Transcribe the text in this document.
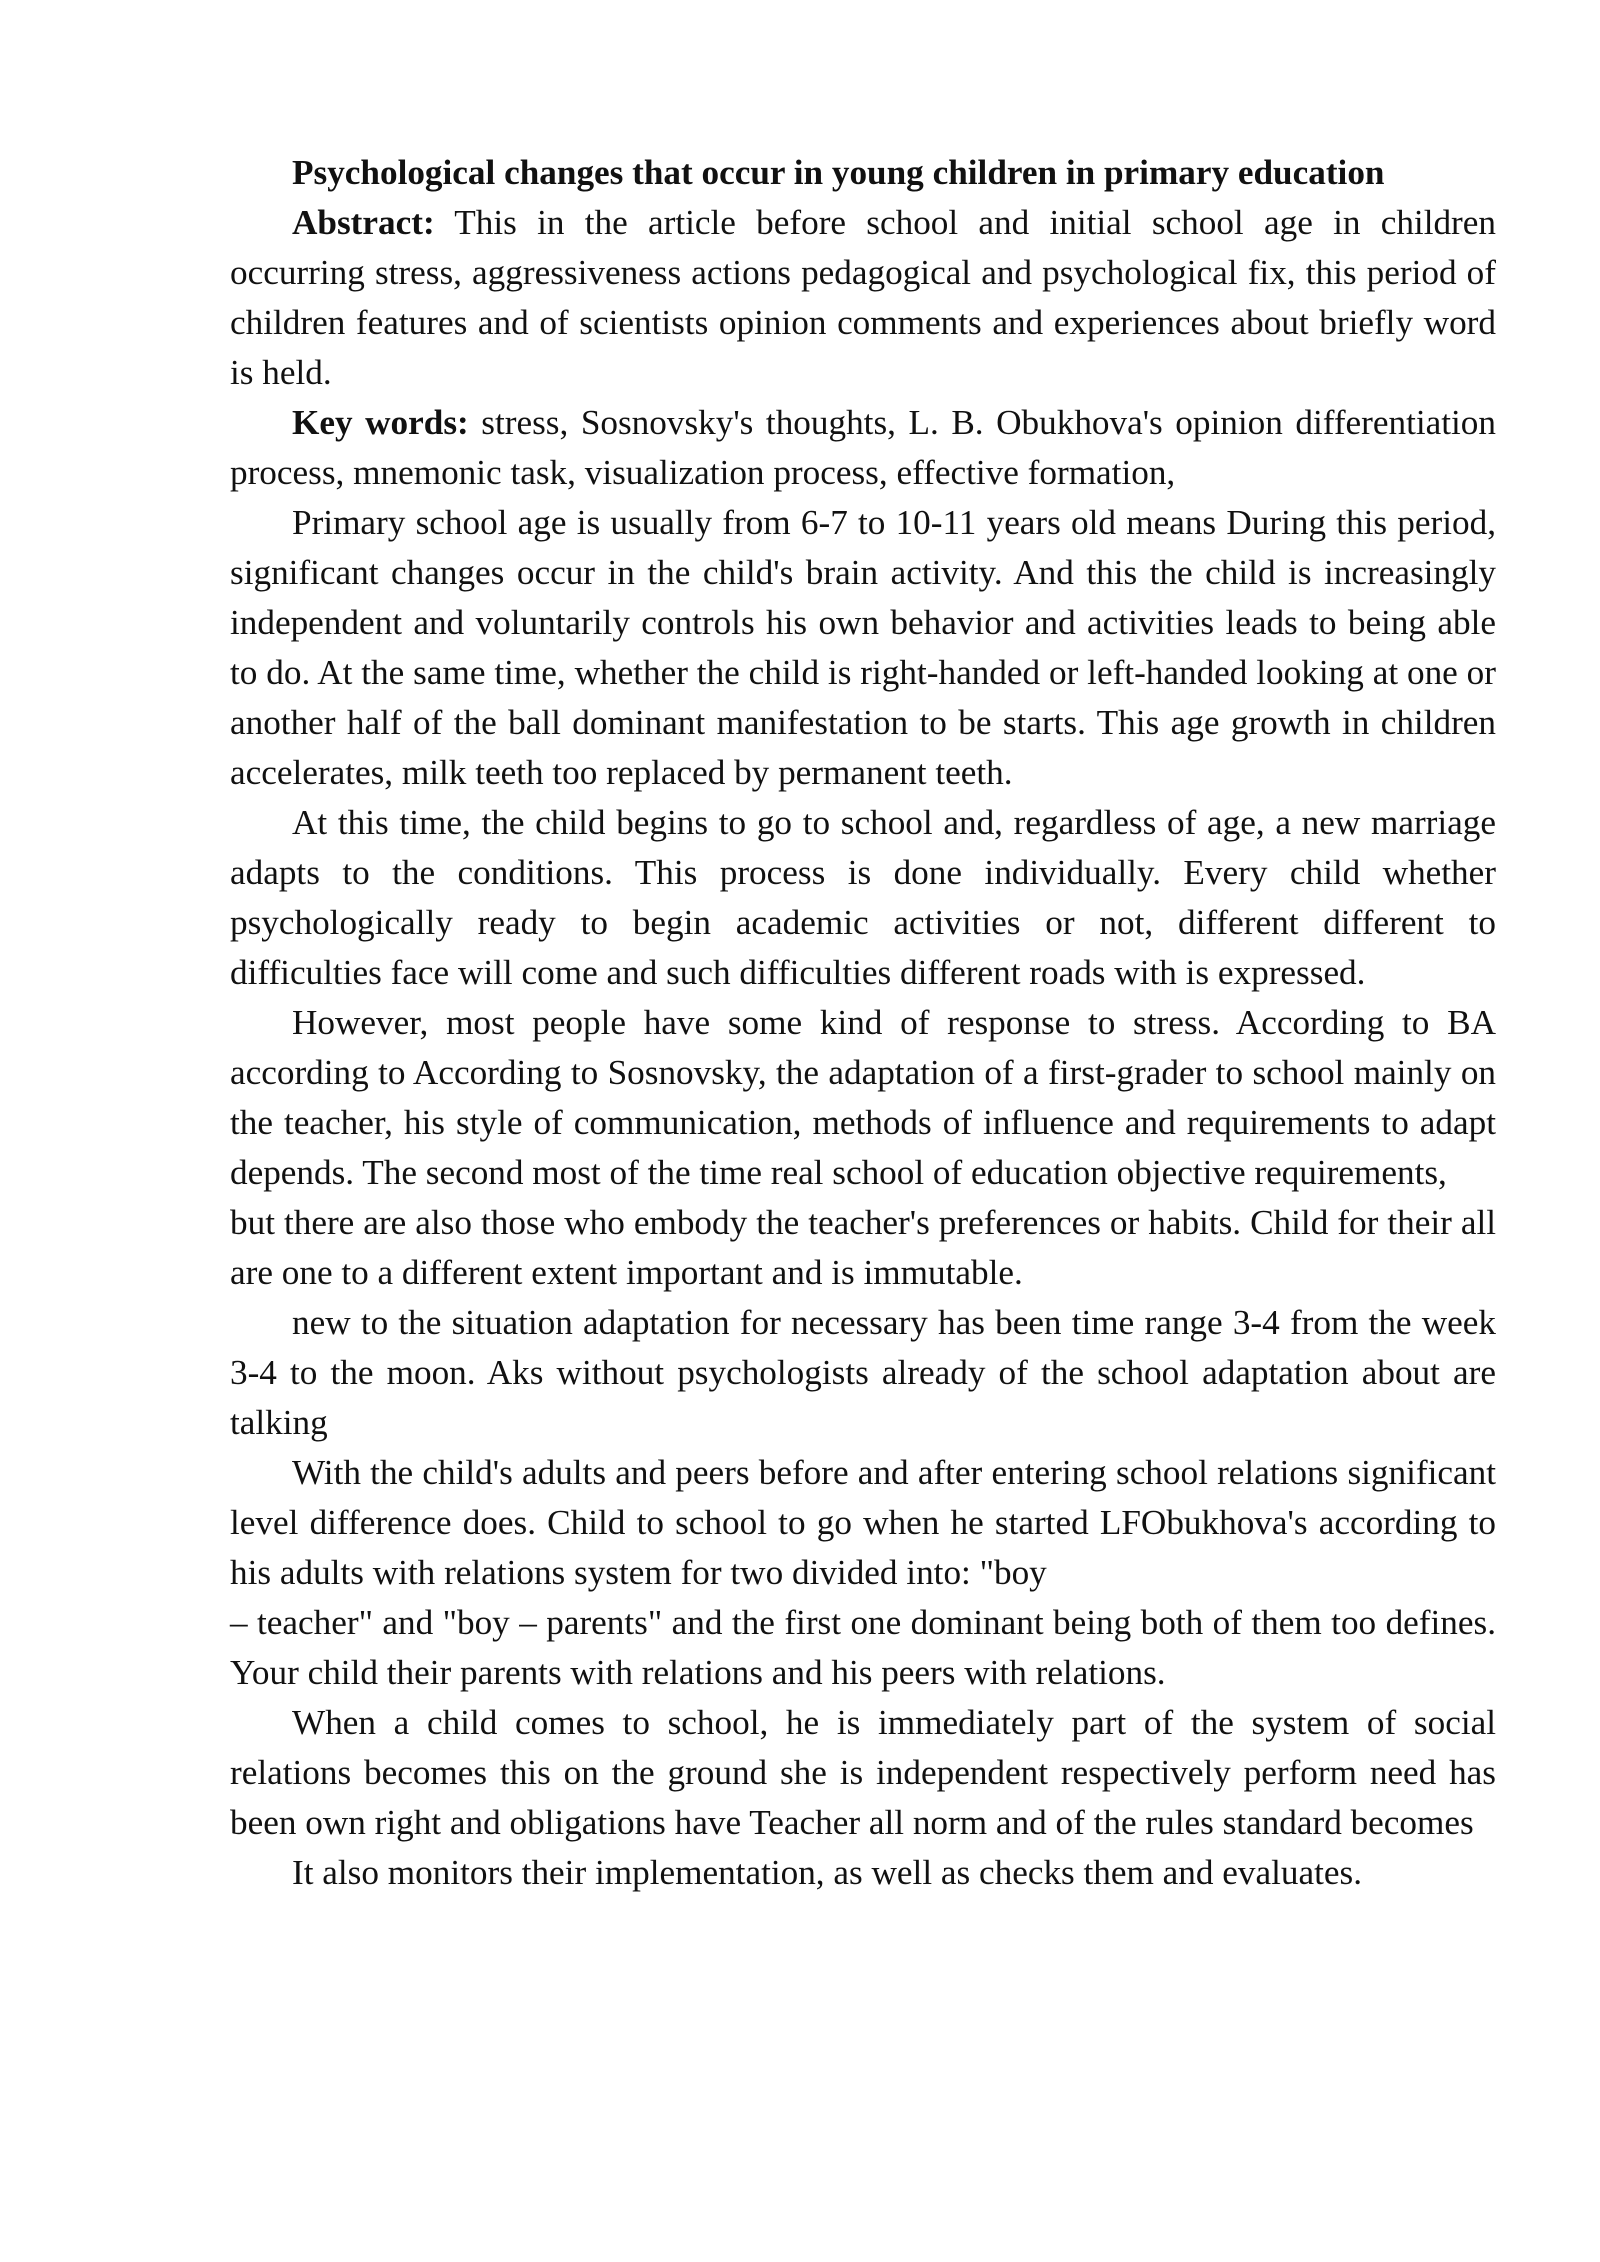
Psychological changes that occur in young children in primary education

Abstract: This in the article before school and initial school age in children occurring stress, aggressiveness actions pedagogical and psychological fix, this period of children features and of scientists opinion comments and experiences about briefly word is held.

Key words: stress, Sosnovsky's thoughts, L. B. Obukhova's opinion differentiation process, mnemonic task, visualization process, effective formation,

Primary school age is usually from 6-7 to 10-11 years old means During this period, significant changes occur in the child's brain activity. And this the child is increasingly independent and voluntarily controls his own behavior and activities leads to being able to do. At the same time, whether the child is right-handed or left-handed looking at one or another half of the ball dominant manifestation to be starts. This age growth in children accelerates, milk teeth too replaced by permanent teeth.

At this time, the child begins to go to school and, regardless of age, a new marriage adapts to the conditions. This process is done individually. Every child whether psychologically ready to begin academic activities or not, different different to difficulties face will come and such difficulties different roads with is expressed.

However, most people have some kind of response to stress. According to BA according to According to Sosnovsky, the adaptation of a first-grader to school mainly on the teacher, his style of communication, methods of influence and requirements to adapt depends. The second most of the time real school of education objective requirements,

but there are also those who embody the teacher's preferences or habits. Child for their all are one to a different extent important and is immutable.

new to the situation adaptation for necessary has been time range 3-4 from the week 3-4 to the moon. Aks without psychologists already of the school adaptation about are talking

With the child's adults and peers before and after entering school relations significant level difference does. Child to school to go when he started LFObukhova's according to his adults with relations system for two divided into: "boy

– teacher" and "boy – parents" and the first one dominant being both of them too defines. Your child their parents with relations and his peers with relations.

When a child comes to school, he is immediately part of the system of social relations becomes this on the ground she is independent respectively perform need has been own right and obligations have Teacher all norm and of the rules standard becomes

It also monitors their implementation, as well as checks them and evaluates.
